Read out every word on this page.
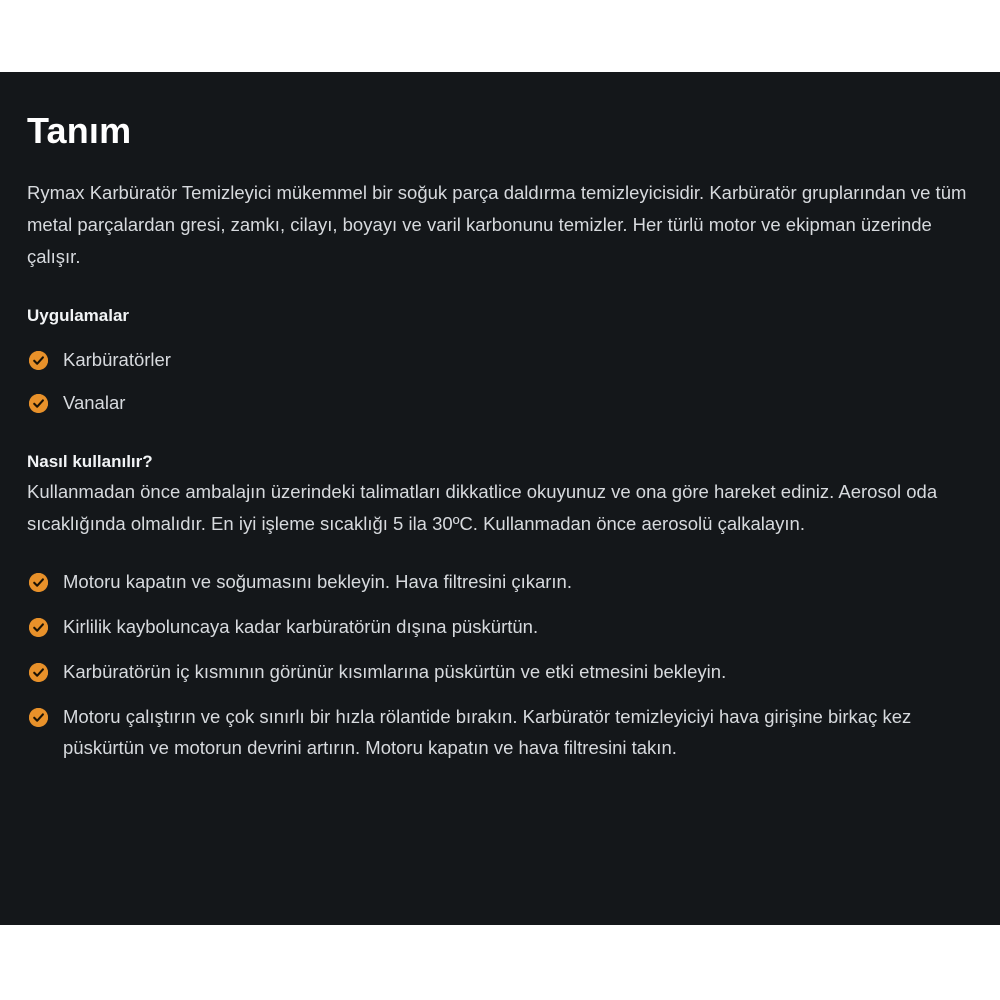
Tanım

Rymax Karbüratör Temizleyici mükemmel bir soğuk parça daldırma temizleyicisidir. Karbüratör gruplarından ve tüm metal parçalardan gresi, zamkı, cilayı, boyayı ve varil karbonunu temizler. Her türlü motor ve ekipman üzerinde çalışır.

Uygulamalar
Karbüratörler
Vanalar
Nasıl kullanılır?

Kullanmadan önce ambalajın üzerindeki talimatları dikkatlice okuyunuz ve ona göre hareket ediniz. Aerosol oda sıcaklığında olmalıdır. En iyi işleme sıcaklığı 5 ila 30ºC. Kullanmadan önce aerosolü çalkalayın.

Motoru kapatın ve soğumasını bekleyin. Hava filtresini çıkarın.
Kirlilik kayboluncaya kadar karbüratörün dışına püskürtün.
Karbüratörün iç kısmının görünür kısımlarına püskürtün ve etki etmesini bekleyin.
Motoru çalıştırın ve çok sınırlı bir hızla rölantide bırakın. Karbüratör temizleyiciyi hava girişine birkaç kez püskürtün ve motorun devrini artırın. Motoru kapatın ve hava filtresini takın.
